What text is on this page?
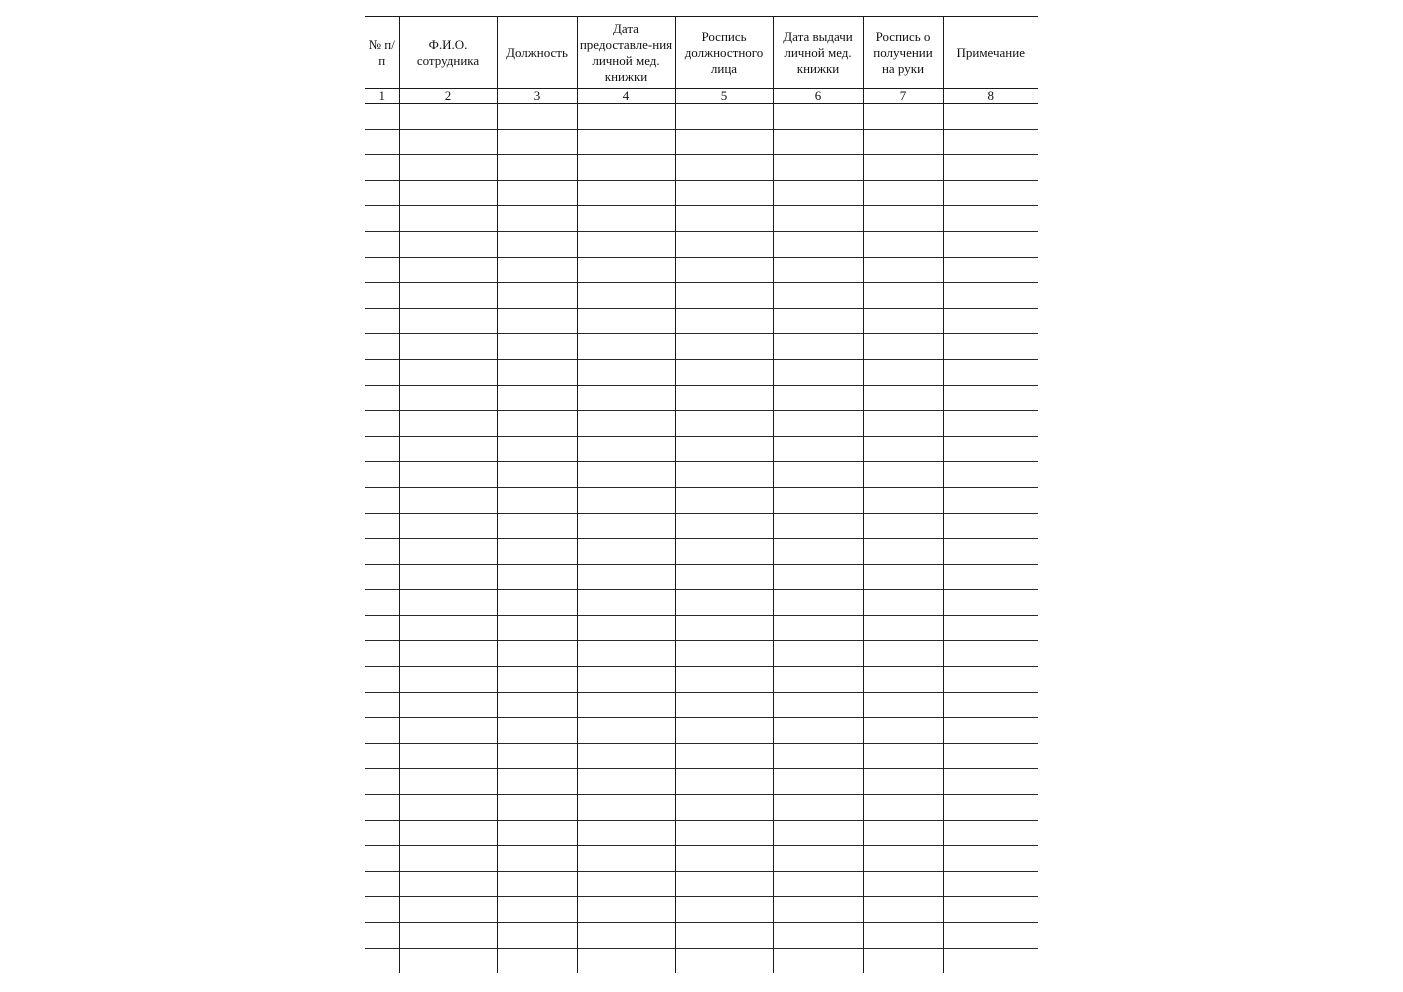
№ п/п	Ф.И.О. сотрудника	Должность	Дата предоставле-ния личной мед. книжки	Роспись должностного лица	Дата выдачи личной мед. книжки	Роспись о получении на руки	Примечание

1	2	3	4	5	6	7	8
